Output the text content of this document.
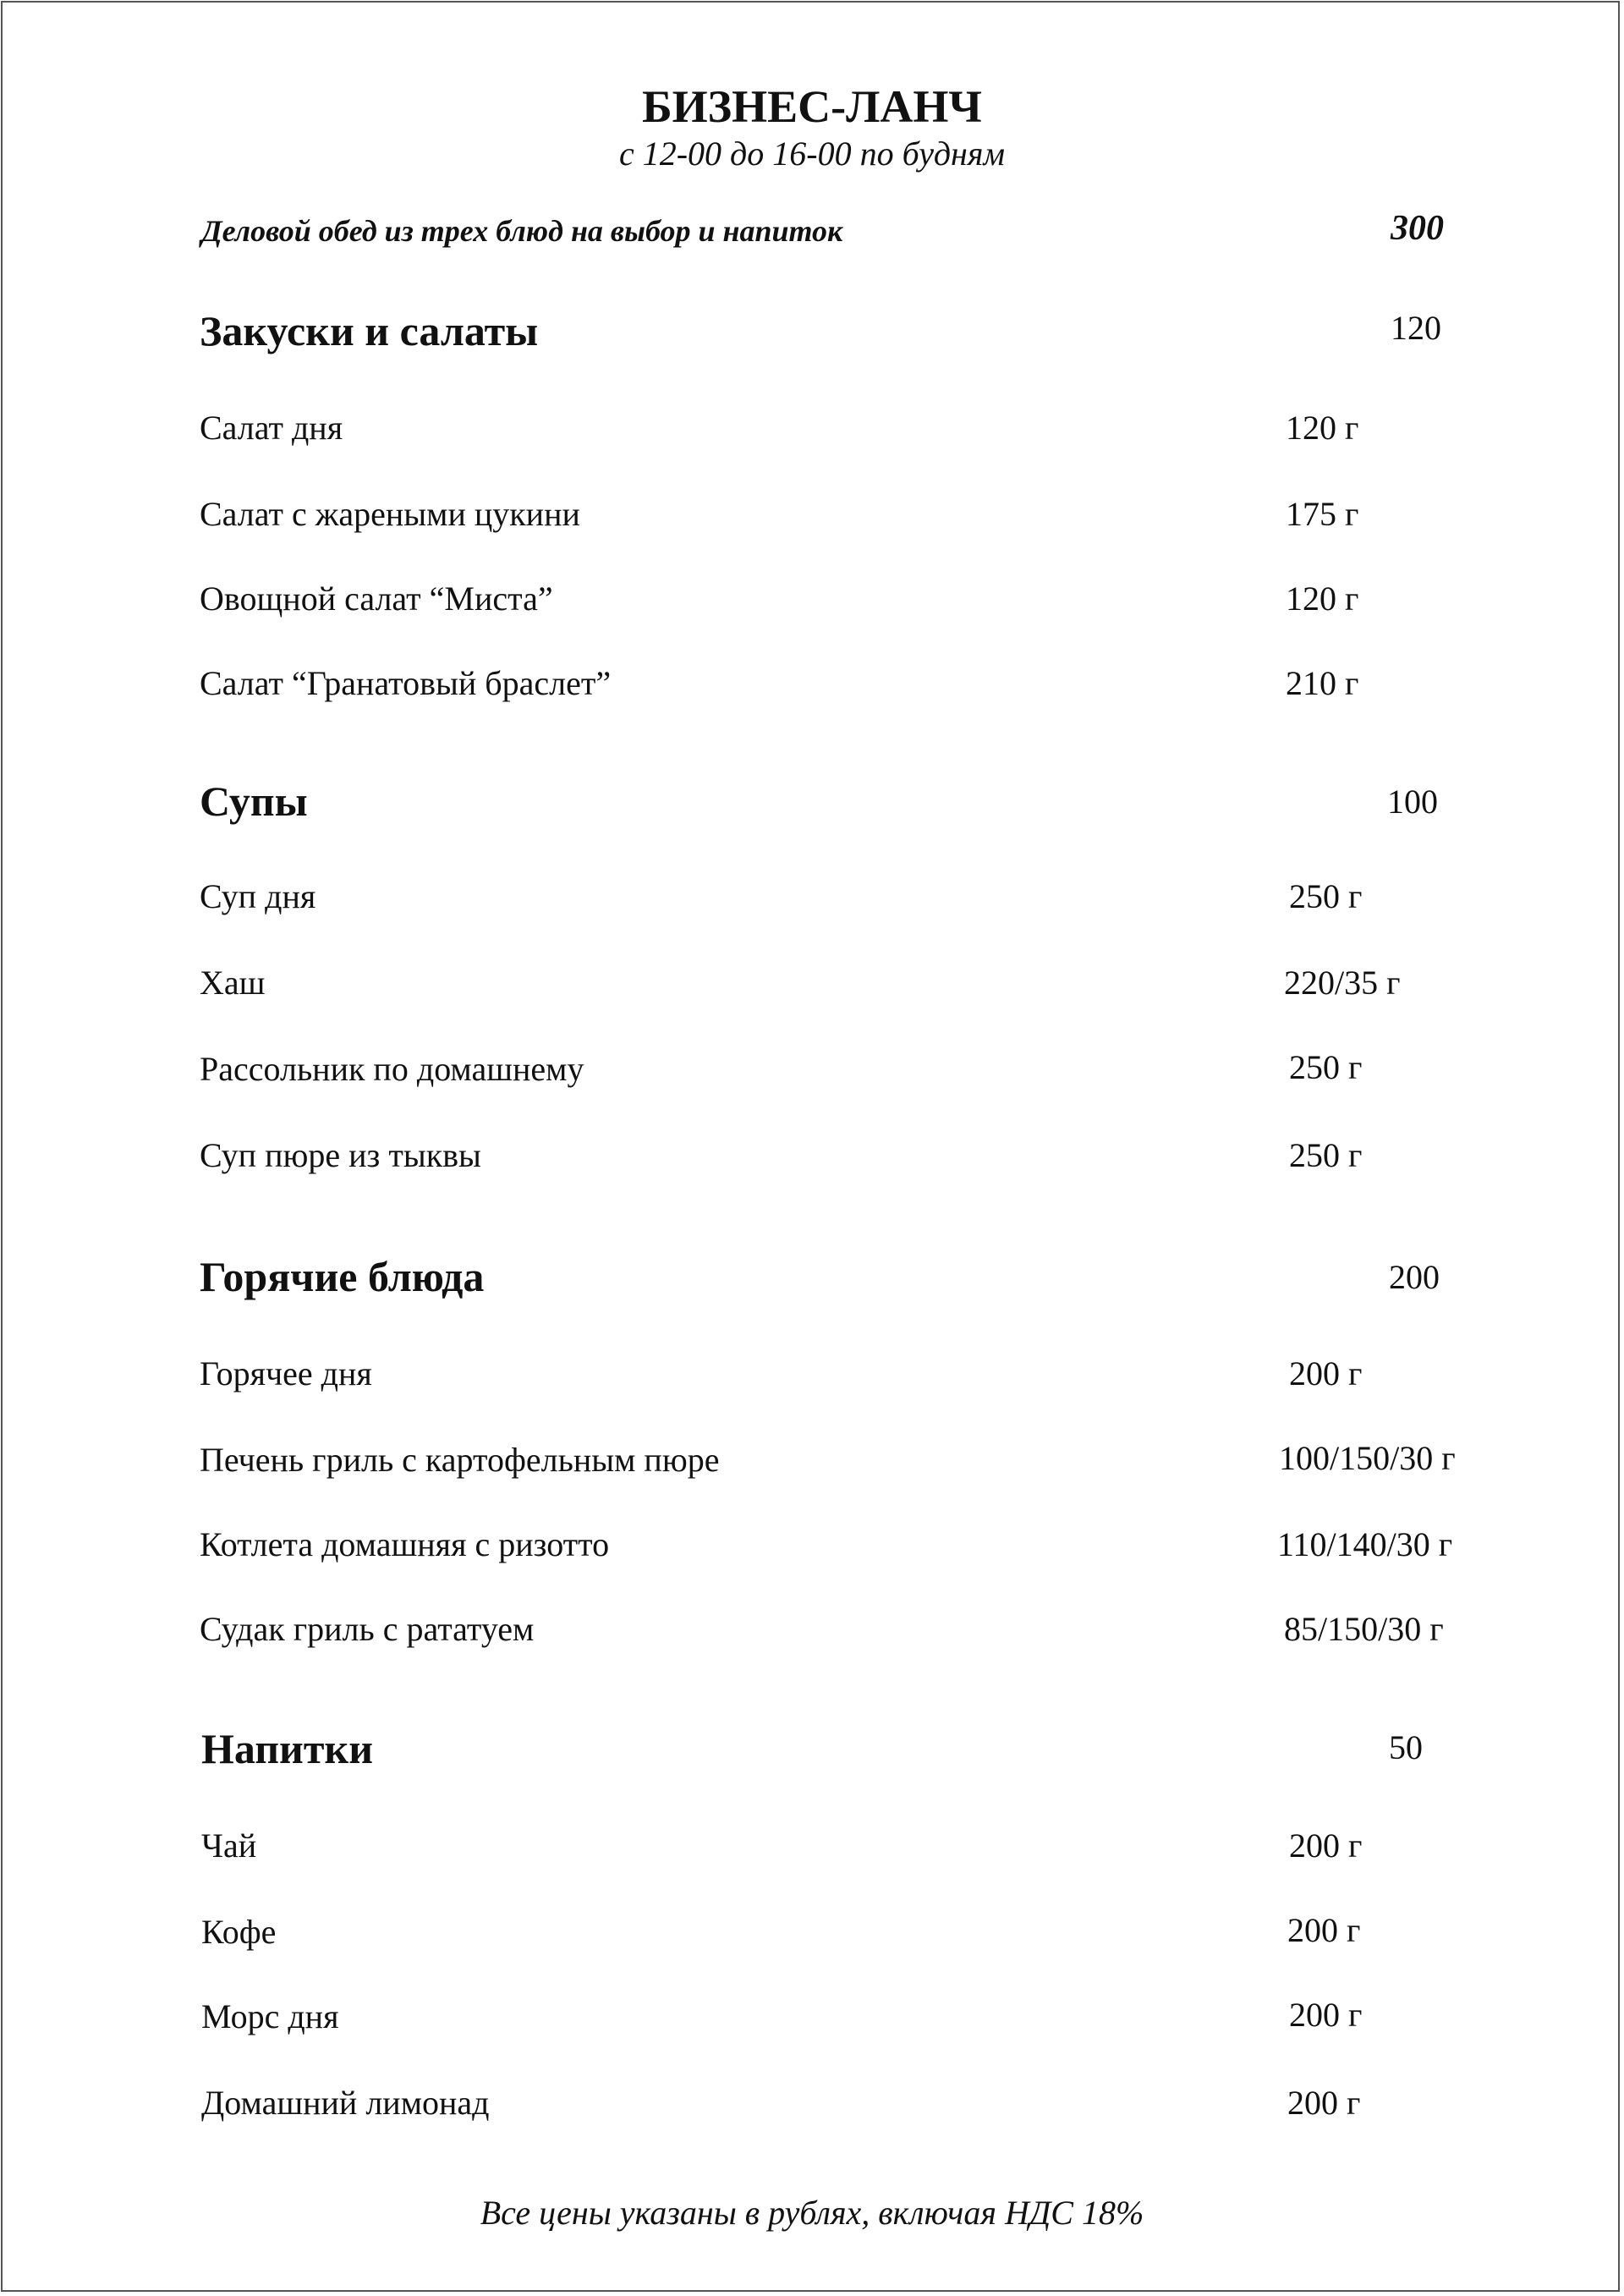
БИЗНЕС-ЛАНЧ
с 12-00 до 16-00 по будням
Деловой обед из трех блюд на выбор и напиток	300
Закуски и салаты	120
Салат дня	120 г
Салат с жареными цукини	175 г
Овощной салат “Миста”	120 г
Салат “Гранатовый браслет”	210 г
Супы	100
Суп дня	250 г
Хаш	220/35 г
Рассольник по домашнему	250 г
Суп пюре из тыквы	250 г
Горячие блюда	200
Горячее дня	200 г
Печень гриль с картофельным пюре	100/150/30 г
Котлета домашняя с ризотто	110/140/30 г
Судак гриль с рататуем	85/150/30 г
Напитки	50
Чай	200 г
Кофе	200 г
Морс дня	200 г
Домашний лимонад	200 г
Все цены указаны в рублях, включая НДС 18%
